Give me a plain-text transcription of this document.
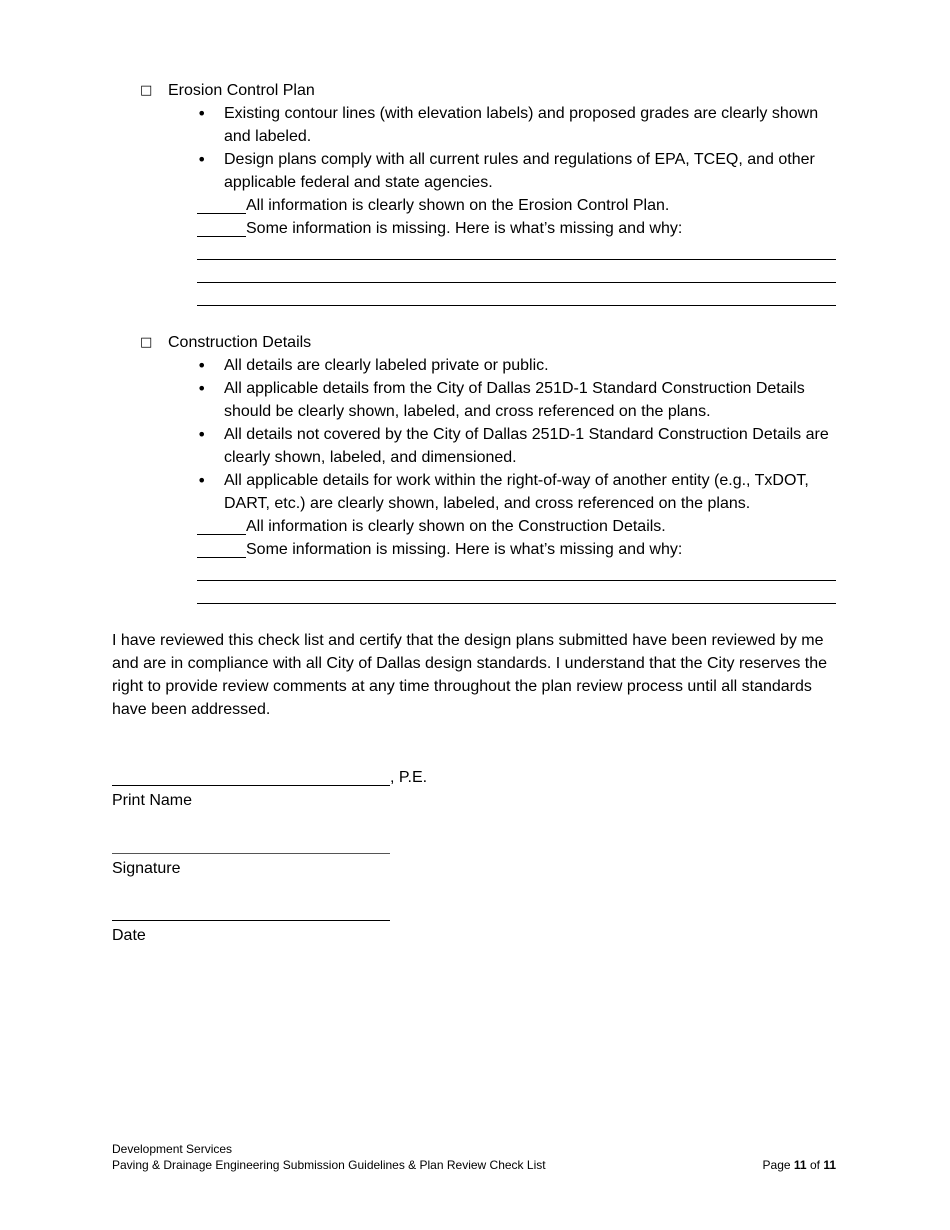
□ Erosion Control Plan
• Existing contour lines (with elevation labels) and proposed grades are clearly shown and labeled.
• Design plans comply with all current rules and regulations of EPA, TCEQ, and other applicable federal and state agencies.
All information is clearly shown on the Erosion Control Plan.
Some information is missing. Here is what’s missing and why:
□ Construction Details
• All details are clearly labeled private or public.
• All applicable details from the City of Dallas 251D-1 Standard Construction Details should be clearly shown, labeled, and cross referenced on the plans.
• All details not covered by the City of Dallas 251D-1 Standard Construction Details are clearly shown, labeled, and dimensioned.
• All applicable details for work within the right-of-way of another entity (e.g., TxDOT, DART, etc.) are clearly shown, labeled, and cross referenced on the plans.
All information is clearly shown on the Construction Details.
Some information is missing. Here is what’s missing and why:
I have reviewed this check list and certify that the design plans submitted have been reviewed by me and are in compliance with all City of Dallas design standards. I understand that the City reserves the right to provide review comments at any time throughout the plan review process until all standards have been addressed.
, P.E.
Print Name
Signature
Date
Development Services
Paving & Drainage Engineering Submission Guidelines & Plan Review Check List	Page 11 of 11
